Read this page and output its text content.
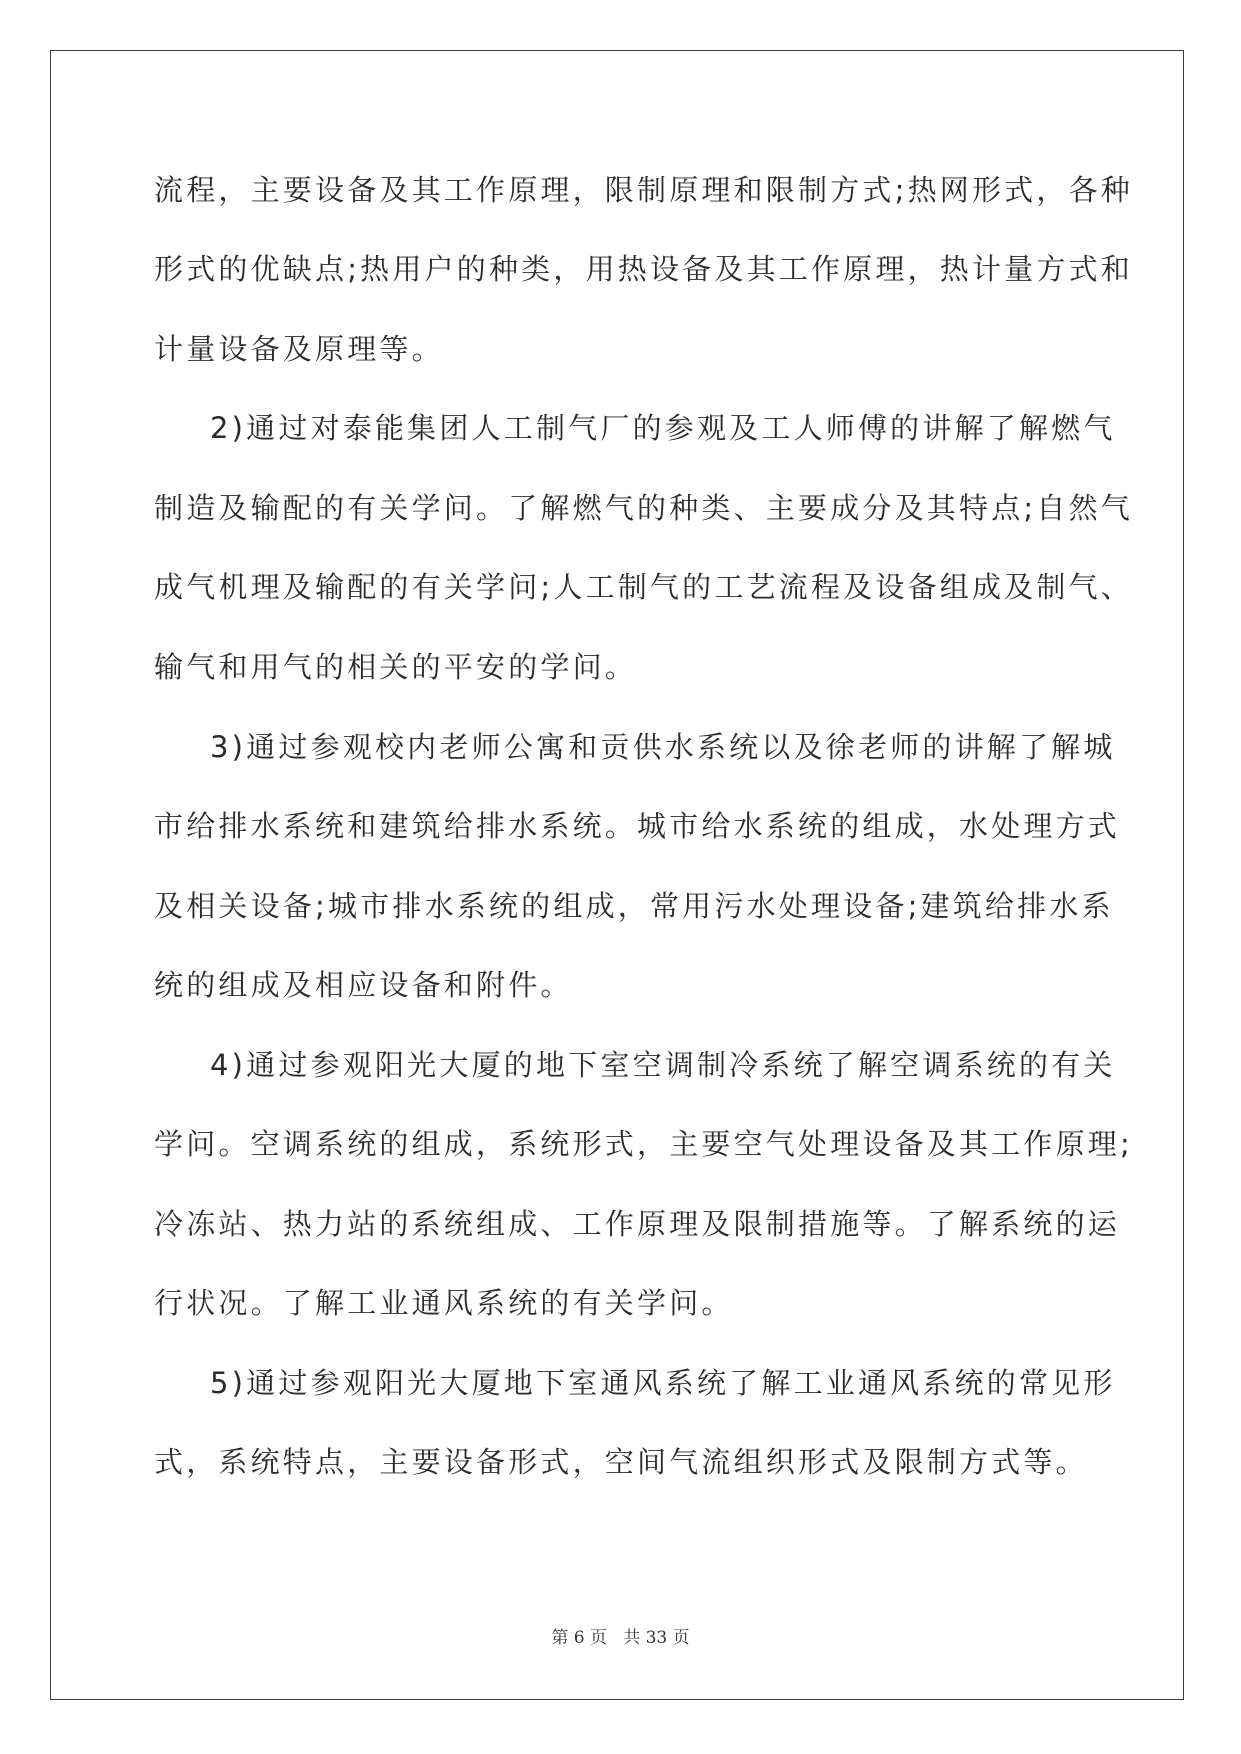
流程，主要设备及其工作原理，限制原理和限制方式;热网形式，各种
形式的优缺点;热用户的种类，用热设备及其工作原理，热计量方式和
计量设备及原理等。
2)通过对泰能集团人工制气厂的参观及工人师傅的讲解了解燃气
制造及输配的有关学问。了解燃气的种类、主要成分及其特点;自然气
成气机理及输配的有关学问;人工制气的工艺流程及设备组成及制气、
输气和用气的相关的平安的学问。
3)通过参观校内老师公寓和贡供水系统以及徐老师的讲解了解城
市给排水系统和建筑给排水系统。城市给水系统的组成，水处理方式
及相关设备;城市排水系统的组成，常用污水处理设备;建筑给排水系
统的组成及相应设备和附件。
4)通过参观阳光大厦的地下室空调制冷系统了解空调系统的有关
学问。空调系统的组成，系统形式，主要空气处理设备及其工作原理;
冷冻站、热力站的系统组成、工作原理及限制措施等。了解系统的运
行状况。了解工业通风系统的有关学问。
5)通过参观阳光大厦地下室通风系统了解工业通风系统的常见形
式，系统特点，主要设备形式，空间气流组织形式及限制方式等。
第 6 页   共 33 页
